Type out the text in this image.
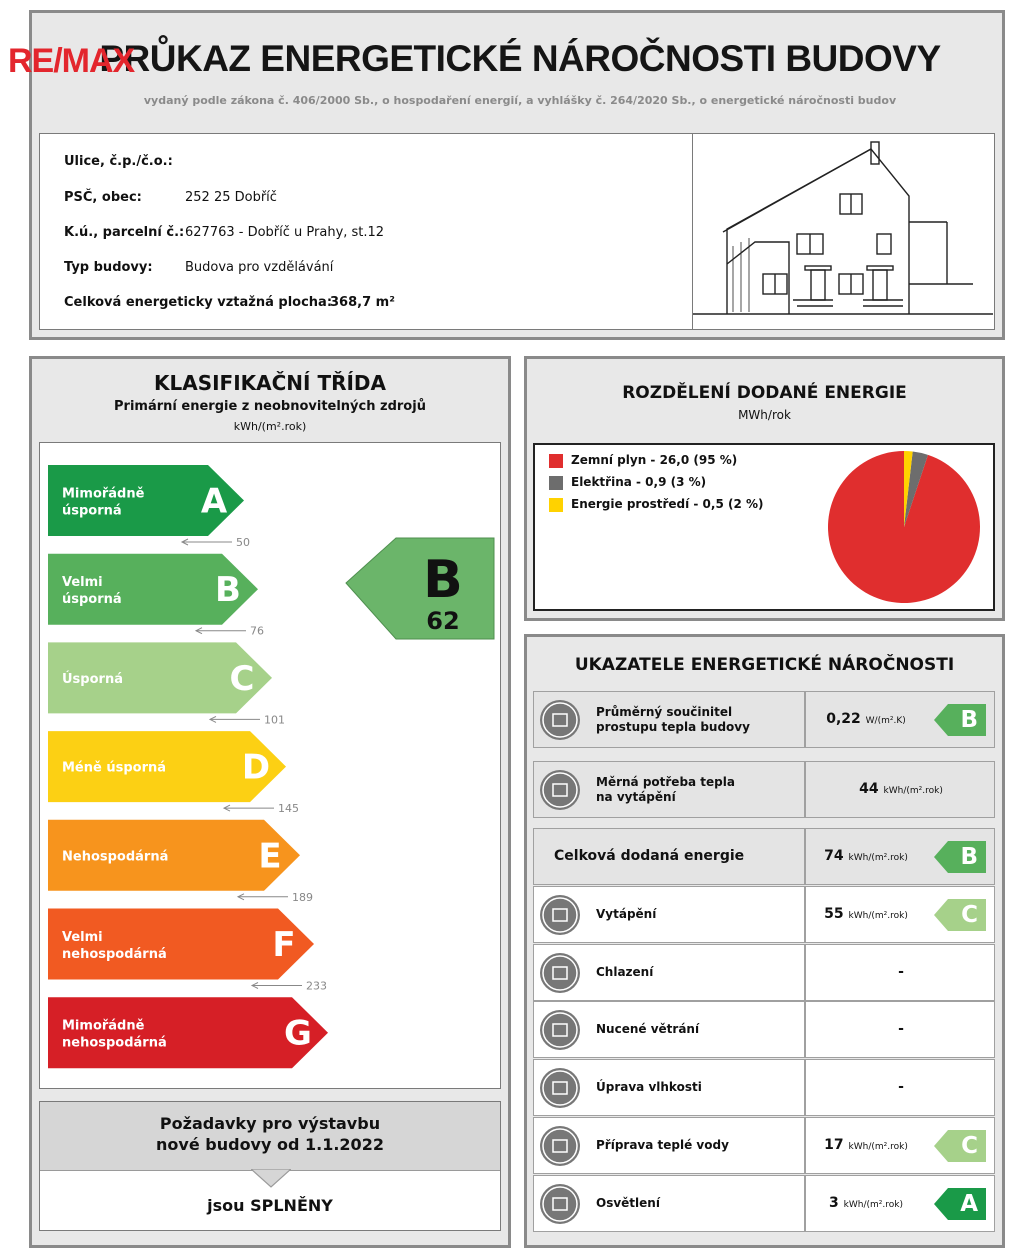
RE/MAX
PRŮKAZ ENERGETICKÉ NÁROČNOSTI BUDOVY
vydaný podle zákona č. 406/2000 Sb., o hospodaření energií, a vyhlášky č. 264/2020 Sb., o energetické náročnosti budov
Ulice, č.p./č.o.:
PSČ, obec:	252 25 Dobříč
K.ú., parcelní č.: 627763 - Dobříč u Prahy, st.12
Typ budovy: Budova pro vzdělávání
Celková energeticky vztažná plocha:
368,7 m²
KLASIFIKAČNÍ TŘÍDA
Primární energie z neobnovitelných zdrojů
kWh/(m².rok)
A
Mimořádně
úsporná
50
B
Velmi
úsporná
76
C
Úsporná
101
D
Méně úsporná
145
E
Nehospodárná
189
F
Velmi
nehospodárná
233
G
Mimořádně
nehospodárná
B
62
Požadavky pro výstavbu
nové budovy od 1.1.2022
jsou SPLNĚNY
ROZDĚLENÍ DODANÉ ENERGIE
MWh/rok
Zemní plyn - 26,0 (95 %)
Elektřina - 0,9 (3 %)
Energie prostředí - 0,5 (2 %)
UKAZATELE ENERGETICKÉ NÁROČNOSTI
Průměrný součinitel
prostupu tepla budovy	0,22 W/(m².K)	B
Měrná potřeba tepla
na vytápění	44 kWh/(m².rok)
Celková dodaná energie	74 kWh/(m².rok)	B
Vytápění	55 kWh/(m².rok)	C
Chlazení	-
Nucené větrání	-
Úprava vlhkosti	-
Příprava teplé vody	17 kWh/(m².rok)	C
Osvětlení	3 kWh/(m².rok)	A
